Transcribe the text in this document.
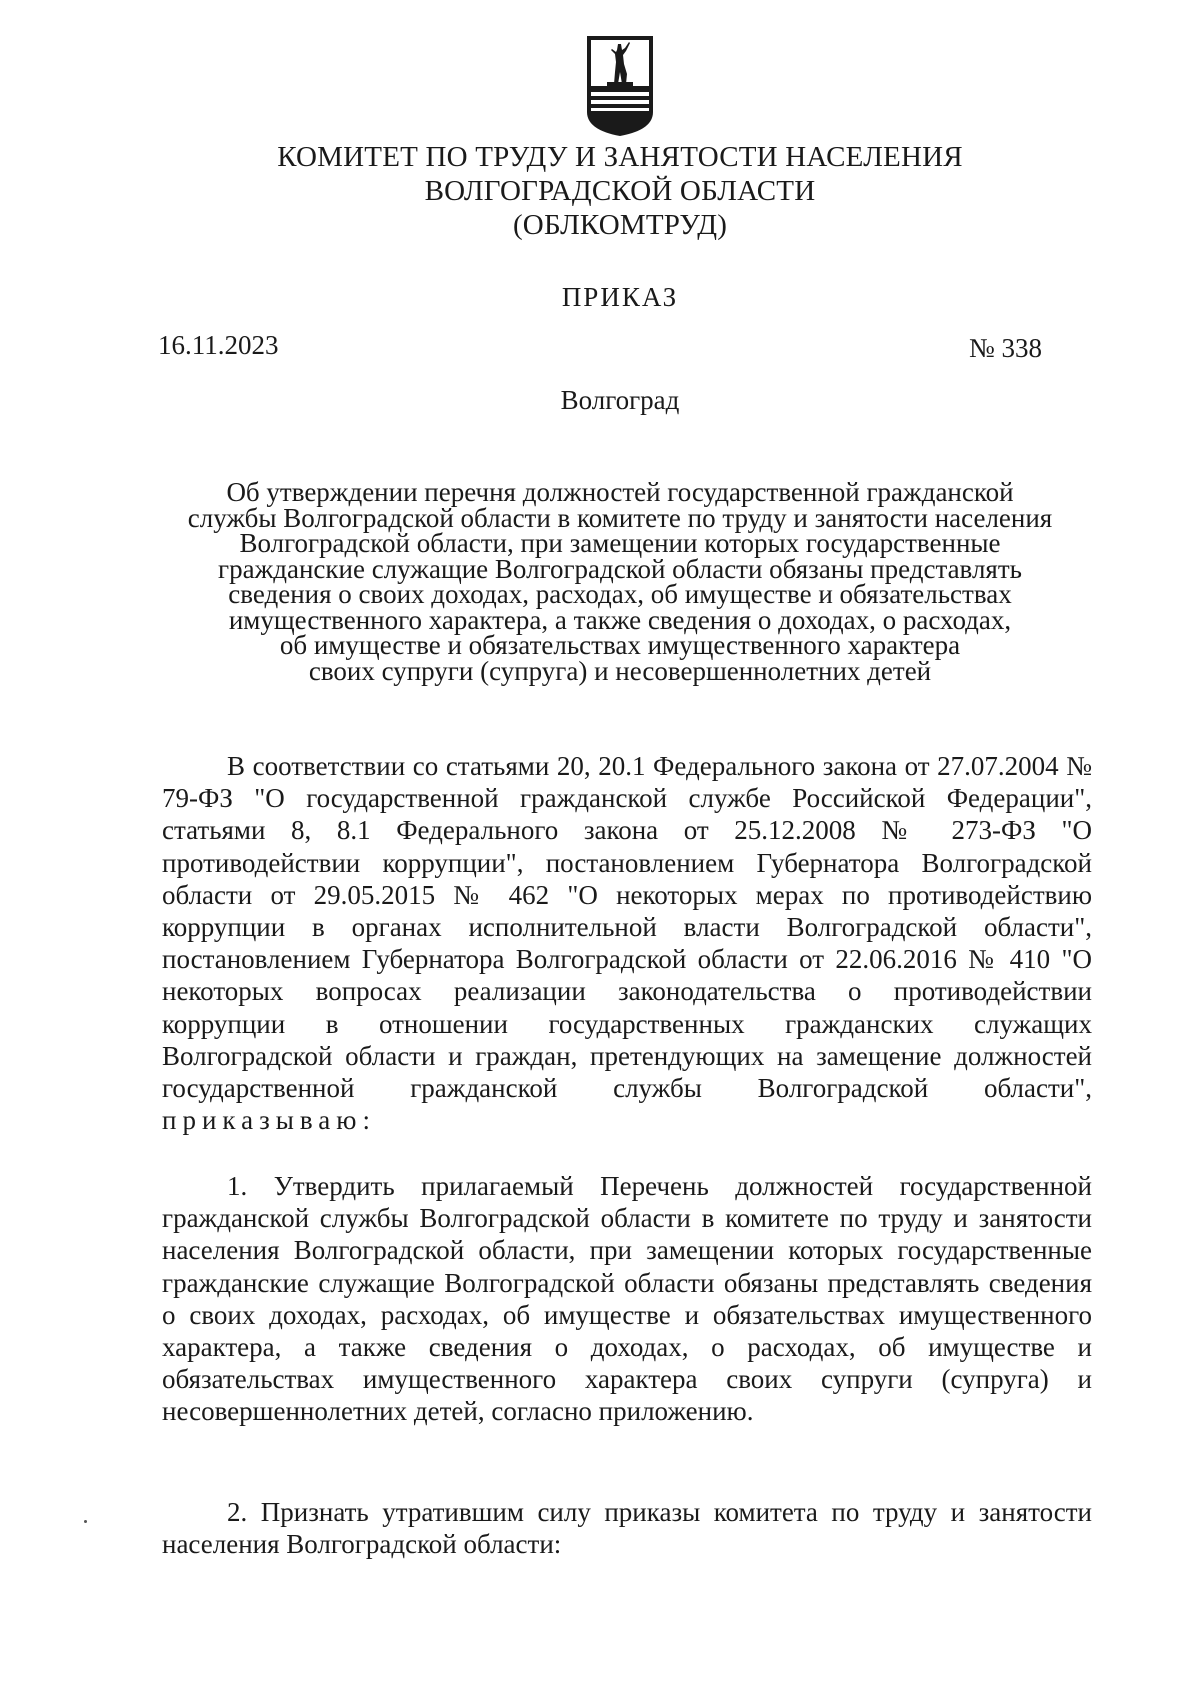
КОМИТЕТ ПО ТРУДУ И ЗАНЯТОСТИ НАСЕЛЕНИЯ
ВОЛГОГРАДСКОЙ ОБЛАСТИ
(ОБЛКОМТРУД)
ПРИКАЗ
16.11.2023	№ 338
Волгоград
Об утверждении перечня должностей государственной гражданской
службы Волгоградской области в комитете по труду и занятости населения
Волгоградской области, при замещении которых государственные
гражданские служащие Волгоградской области обязаны представлять
сведения о своих доходах, расходах, об имуществе и обязательствах
имущественного характера, а также сведения о доходах, о расходах,
об имуществе и обязательствах имущественного характера
своих супруги (супруга) и несовершеннолетних детей
В соответствии со статьями 20, 20.1 Федерального закона от 27.07.2004 № 79-ФЗ "О государственной гражданской службе Российской Федерации", статьями 8, 8.1 Федерального закона от 25.12.2008 № 273-ФЗ "О противодействии коррупции", постановлением Губернатора Волгоградской области от 29.05.2015 № 462 "О некоторых мерах по противодействию коррупции в органах исполнительной власти Волгоградской области", постановлением Губернатора Волгоградской области от 22.06.2016 № 410 "О некоторых вопросах реализации законодательства о противодействии коррупции в отношении государственных гражданских служащих Волгоградской области и граждан, претендующих на замещение должностей государственной гражданской службы Волгоградской области", приказываю:
1. Утвердить прилагаемый Перечень должностей государственной гражданской службы Волгоградской области в комитете по труду и занятости населения Волгоградской области, при замещении которых государственные гражданские служащие Волгоградской области обязаны представлять сведения о своих доходах, расходах, об имуществе и обязательствах имущественного характера, а также сведения о доходах, о расходах, об имуществе и обязательствах имущественного характера своих супруги (супруга) и несовершеннолетних детей, согласно приложению.
2. Признать утратившим силу приказы комитета по труду и занятости населения Волгоградской области:
